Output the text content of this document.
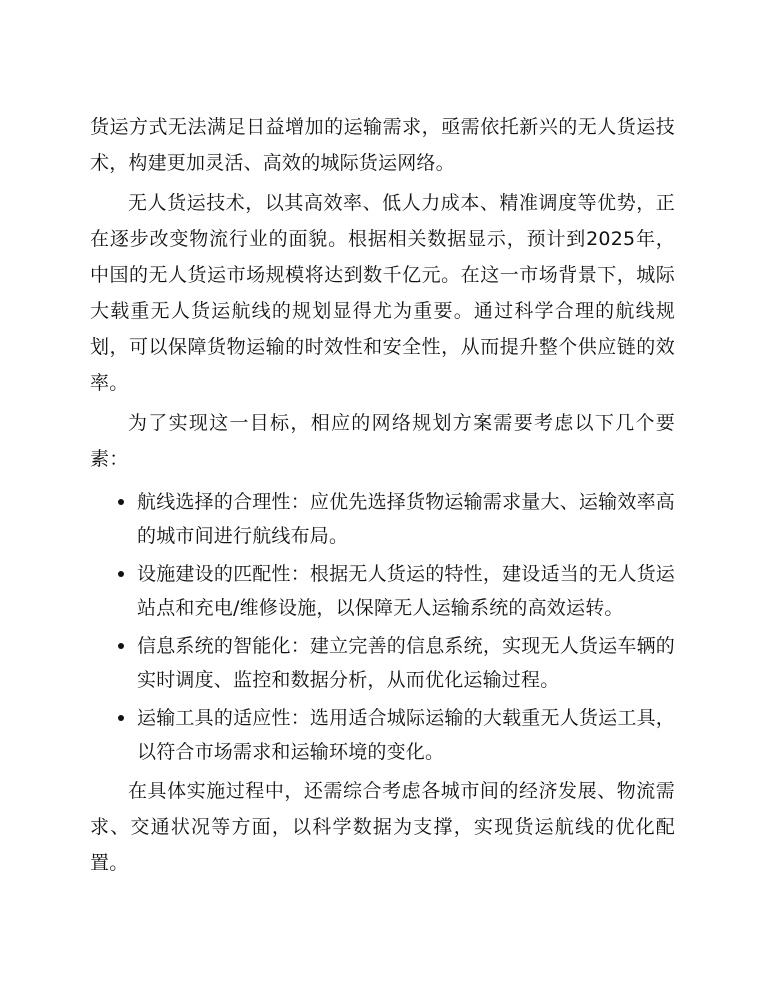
货运方式无法满足日益增加的运输需求，亟需依托新兴的无人货运技术，构建更加灵活、高效的城际货运网络。

无人货运技术，以其高效率、低人力成本、精准调度等优势，正在逐步改变物流行业的面貌。根据相关数据显示，预计到2025年，中国的无人货运市场规模将达到数千亿元。在这一市场背景下，城际大载重无人货运航线的规划显得尤为重要。通过科学合理的航线规划，可以保障货物运输的时效性和安全性，从而提升整个供应链的效率。

为了实现这一目标，相应的网络规划方案需要考虑以下几个要素：

航线选择的合理性：应优先选择货物运输需求量大、运输效率高的城市间进行航线布局。
设施建设的匹配性：根据无人货运的特性，建设适当的无人货运站点和充电/维修设施，以保障无人运输系统的高效运转。
信息系统的智能化：建立完善的信息系统，实现无人货运车辆的实时调度、监控和数据分析，从而优化运输过程。
运输工具的适应性：选用适合城际运输的大载重无人货运工具，以符合市场需求和运输环境的变化。

在具体实施过程中，还需综合考虑各城市间的经济发展、物流需求、交通状况等方面，以科学数据为支撑，实现货运航线的优化配置。
